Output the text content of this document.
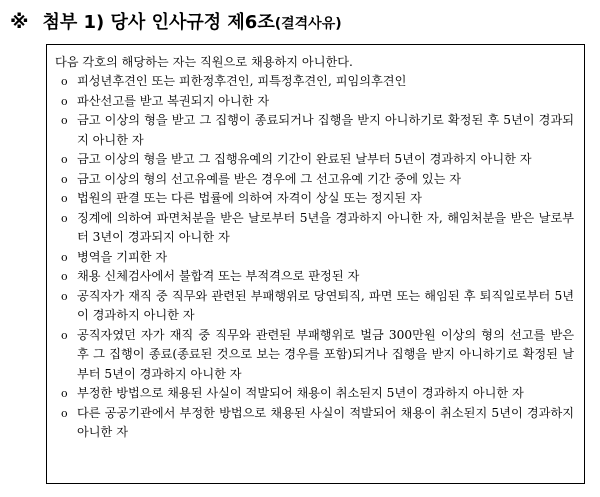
※ 첨부 1) 당사 인사규정 제6조 (결격사유)
다음 각호의 해당하는 자는 직원으로 채용하지 아니한다.
o 피성년후견인 또는 피한정후견인, 피특정후견인, 피임의후견인
o 파산선고를 받고 복권되지 아니한 자
o 금고 이상의 형을 받고 그 집행이 종료되거나 집행을 받지 아니하기로 확정된 후 5년이 경과되지 아니한 자
o 금고 이상의 형을 받고 그 집행유예의 기간이 완료된 날부터 5년이 경과하지 아니한 자
o 금고 이상의 형의 선고유예를 받은 경우에 그 선고유예 기간 중에 있는 자
o 법원의 판결 또는 다른 법률에 의하여 자격이 상실 또는 정지된 자
o 징계에 의하여 파면처분을 받은 날로부터 5년을 경과하지 아니한 자, 해임처분을 받은 날로부터 3년이 경과되지 아니한 자
o 병역을 기피한 자
o 채용 신체검사에서 불합격 또는 부적격으로 판정된 자
o 공직자가 재직 중 직무와 관련된 부패행위로 당연퇴직, 파면 또는 해임된 후 퇴직일로부터 5년이 경과하지 아니한 자
o 공직자였던 자가 재직 중 직무와 관련된 부패행위로 벌금 300만원 이상의 형의 선고를 받은 후 그 집행이 종료(종료된 것으로 보는 경우를 포함)되거나 집행을 받지 아니하기로 확정된 날부터 5년이 경과하지 아니한 자
o 부정한 방법으로 채용된 사실이 적발되어 채용이 취소된지 5년이 경과하지 아니한 자
o 다른 공공기관에서 부정한 방법으로 채용된 사실이 적발되어 채용이 취소된지 5년이 경과하지 아니한 자
